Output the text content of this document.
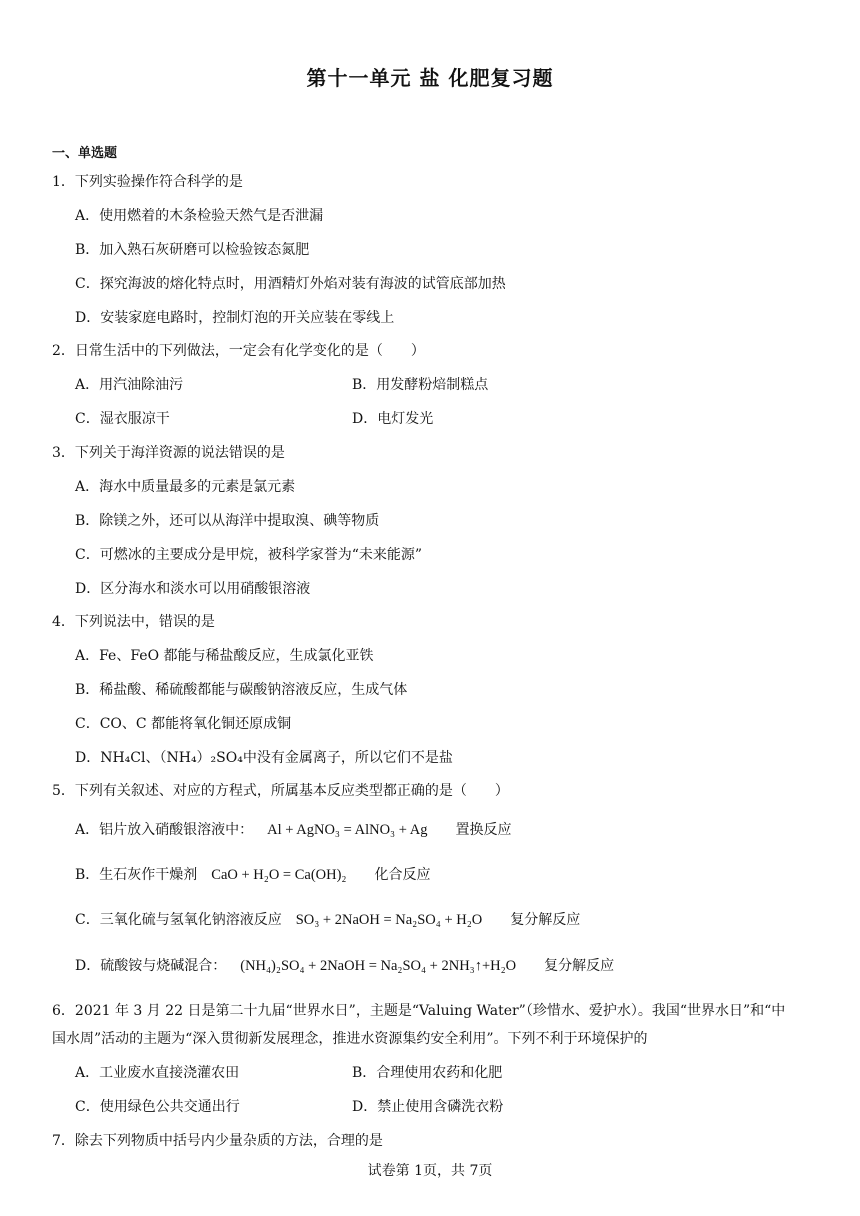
第十一单元 盐 化肥复习题
一、单选题
1．下列实验操作符合科学的是
A．使用燃着的木条检验天然气是否泄漏
B．加入熟石灰研磨可以检验铵态氮肥
C．探究海波的熔化特点时，用酒精灯外焰对装有海波的试管底部加热
D．安装家庭电路时，控制灯泡的开关应装在零线上
2．日常生活中的下列做法，一定会有化学变化的是（　　）
A．用汽油除油污	B．用发酵粉焙制糕点
C．湿衣服凉干	D．电灯发光
3．下列关于海洋资源的说法错误的是
A．海水中质量最多的元素是氯元素
B．除镁之外，还可以从海洋中提取溴、碘等物质
C．可燃冰的主要成分是甲烷，被科学家誉为“未来能源”
D．区分海水和淡水可以用硝酸银溶液
4．下列说法中，错误的是
A．Fe、FeO 都能与稀盐酸反应，生成氯化亚铁
B．稀盐酸、稀硫酸都能与碳酸钠溶液反应，生成气体
C．CO、C 都能将氧化铜还原成铜
D．NH₄Cl、（NH₄）₂SO₄中没有金属离子，所以它们不是盐
5．下列有关叙述、对应的方程式，所属基本反应类型都正确的是（　　）
A．铝片放入硝酸银溶液中： Al + AgNO₃ = AlNO₃ + Ag 置换反应
B．生石灰作干燥剂 CaO + H₂O = Ca(OH)₂ 化合反应
C．三氧化硫与氢氧化钠溶液反应 SO₃ + 2NaOH = Na₂SO₄ + H₂O 复分解反应
D．硫酸铵与烧碱混合： (NH₄)₂SO₄ + 2NaOH = Na₂SO₄ + 2NH₃↑+H₂O 复分解反应
6．2021 年 3 月 22 日是第二十九届“世界水日”，主题是“Valuing Water”（珍惜水、爱护水）。我国“世界水日”和“中
国水周”活动的主题为“深入贯彻新发展理念，推进水资源集约安全利用”。下列不利于环境保护的
A．工业废水直接浇灌农田	B．合理使用农药和化肥
C．使用绿色公共交通出行	D．禁止使用含磷洗衣粉
7．除去下列物质中括号内少量杂质的方法，合理的是
试卷第 1页，共 7页
